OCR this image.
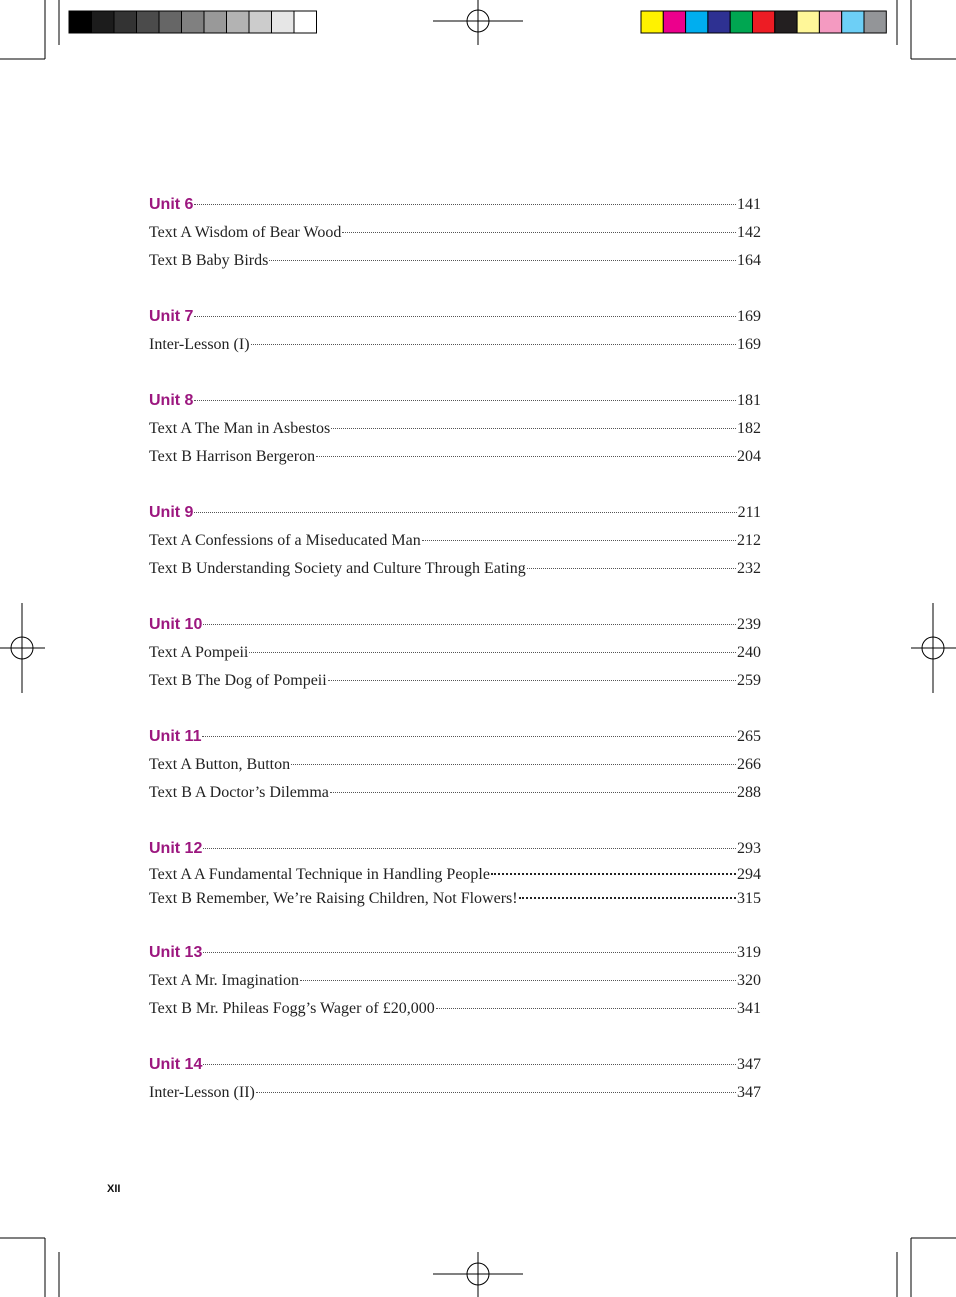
Unit 6	141
Text A Wisdom of Bear Wood	142
Text B Baby Birds	164
Unit 7	169
Inter-Lesson (I)	169
Unit 8	181
Text A The Man in Asbestos	182
Text B Harrison Bergeron	204
Unit 9	211
Text A Confessions of a Miseducated Man	212
Text B Understanding Society and Culture Through Eating	232
Unit 10	239
Text A Pompeii	240
Text B The Dog of Pompeii	259
Unit 11	265
Text A Button, Button	266
Text B A Doctor’s Dilemma	288
Unit 12	293
Text A A Fundamental Technique in Handling People	294
Text B Remember, We’re Raising Children, Not Flowers!	315
Unit 13	319
Text A Mr. Imagination	320
Text B Mr. Phileas Fogg’s Wager of £20,000	341
Unit 14	347
Inter-Lesson (II)	347
XII
